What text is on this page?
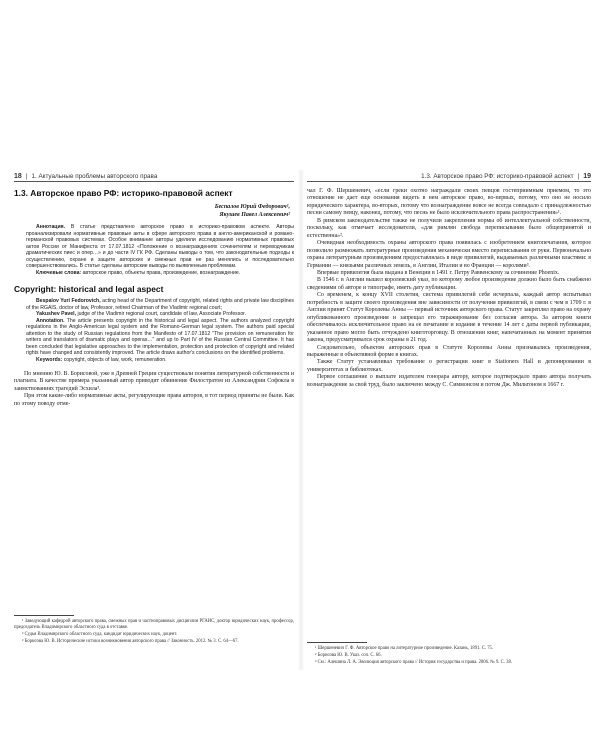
18 | 1. Актуальные проблемы авторского права
1.3. Авторское право РФ: историко-правовой аспект
Беспалов Юрий Федорович¹,
Якушев Павел Алексеевич²

Аннотация. В статье представлено авторское право в историко-правовом аспекте. Авторы проанализировали нормативные правовые акты в сфере авторского права в англо-американской и романо-германской правовых системах. Особое внимание авторы уделили исследованию нормативных правовых актов России от Манифеста от 17.07.1812 «Положение о вознаграждениях сочинителям и переводчикам драматических пиес и опер…» и до части IV ГК РФ. Сделаны выводы о том, что законодательные подходы к осуществлению, охране и защите авторских и смежных прав не раз менялись и последовательно совершенствовались. В статье сделаны авторские выводы по выявленным проблемам.

Ключевые слова: авторское право, объекты права, произведение, вознаграждение.

Copyright: historical and legal aspect

Bespalov Yuri Fedorovich, acting head of the Department of copyright, related rights and private law disciplines of the RGAIS, doctor of law, Professor, retired Chairman of the Vladimir regional court;

Yakushev Pavel, judge of the Vladimir regional court, candidate of law, Associate Professor.

Annotation. The article presents copyright in the historical and legal aspect. The authors analyzed copyright regulations in the Anglo-American legal system and the Romano-German legal system. The authors paid special attention to the study of Russian regulations from the Manifesto of 17.07.1812 "The provision on remuneration for writers and translators of dramatic plays and operas…" and up to Part IV of the Russian Central Committee. It has been concluded that legislative approaches to the implementation, protection and protection of copyright and related rights have changed and consistently improved. The article draws author's conclusions on the identified problems.

Keywords: copyright, objects of law, work, remuneration.

По мнению Ю. В. Борисовой, уже в Древней Греции существовали понятия литературной собственности и плагиата. В качестве примера указанный автор приводит обвинение Филостратом из Александрии Софокла в заимствованиях трагедий Эсхила³.

При этом какие-либо нормативные акты, регулирующие права авторов, в тот период приняты не были. Как по этому поводу отме-

¹ Заведующий кафедрой авторского права, смежных прав и частноправовых дисциплин РГАИС, доктор юридических наук, профессор, председатель Владимирского областного суда в отставке.

² Судья Владимирского областного суда, кандидат юридических наук, доцент.

³ Борисова Ю. В. Исторические истоки возникновения авторского права // Законность. 2012. № 3. С. 64—67.

1.3. Авторское право РФ: историко-правовой аспект | 19

чал Г. Ф. Шершеневич, «если греки охотно награждали своих певцов гостеприимным приемом, то это отношение не дает еще основания видеть в нем авторское право, во-первых, потому, что оно не носило юридического характера, во-вторых, потому что вознаграждение вовсе не всегда совпадало с принадлежностью песни самому певцу, наконец, потому, что песнь не было исключительного права распространения»¹.

В римском законодательстве также не получили закрепления нормы об интеллектуальной собственности, поскольку, как отмечает исследователи, «для римлян свобода переписывания было общепринятой и естественна»².

Очевидная необходимость охраны авторского права появилась с изобретением книгопечатания, которое позволило размножать литературные произведения механически вместо переписывания от руки. Первоначально охрана литературным произведениям предоставлялась в виде привилегий, выдаваемых различными властями: в Германии — князьями различных земель, в Англии, Италии и во Франции — королями³.

Впервые привилегия была выдана в Венеции в 1491 г. Петру Раввенскому за сочинение Phoenix.

В 1546 г. в Англии вышел королевский указ, по которому любое произведение должно было быть снабжено сведениями об авторе и типографе, иметь дату публикации.

Со временем, к концу XVII столетия, система привилегий себя исчерпала, каждый автор испытывал потребность в защите своего произведения вне зависимости от получения привилегий, в связи с чем в 1709 г. в Англии принят Статут Королевы Анны — первый источник авторского права. Статут закреплял право на охрану опубликованного произведения и запрещал его тиражирование без согласия автора. За автором книги обеспечивалось исключительное право на ее печатание и издание в течение 14 лет с даты первой публикации, указанное право могло быть отчуждено книготорговцу. В отношении книг, напечатанных на момент принятия закона, предусматривался срок охраны в 21 год.

Следовательно, объектом авторских прав в Статуте Королевы Анны признавались произведения, выраженные в объективной форме в книгах.

Также Статут устанавливал требование о регистрации книг в Stationers Hall и депонировании в университетах и библиотеках.

Первое соглашение о выплате издателем гонорара автору, которое подтверждало право автора получать вознаграждение за свой труд, было заключено между С. Симмонсом и потом Дж. Мильтоном в 1667 г.

¹ Шершеневич Г. Ф. Авторское право на литературное произведение. Казань, 1891. С. 75.

² Борисова Ю. В. Указ. соч. С. 66.

³ См.: Алешина Л. А. Эволюция авторского права // История государства и права. 2006. № 9. С. 38.
